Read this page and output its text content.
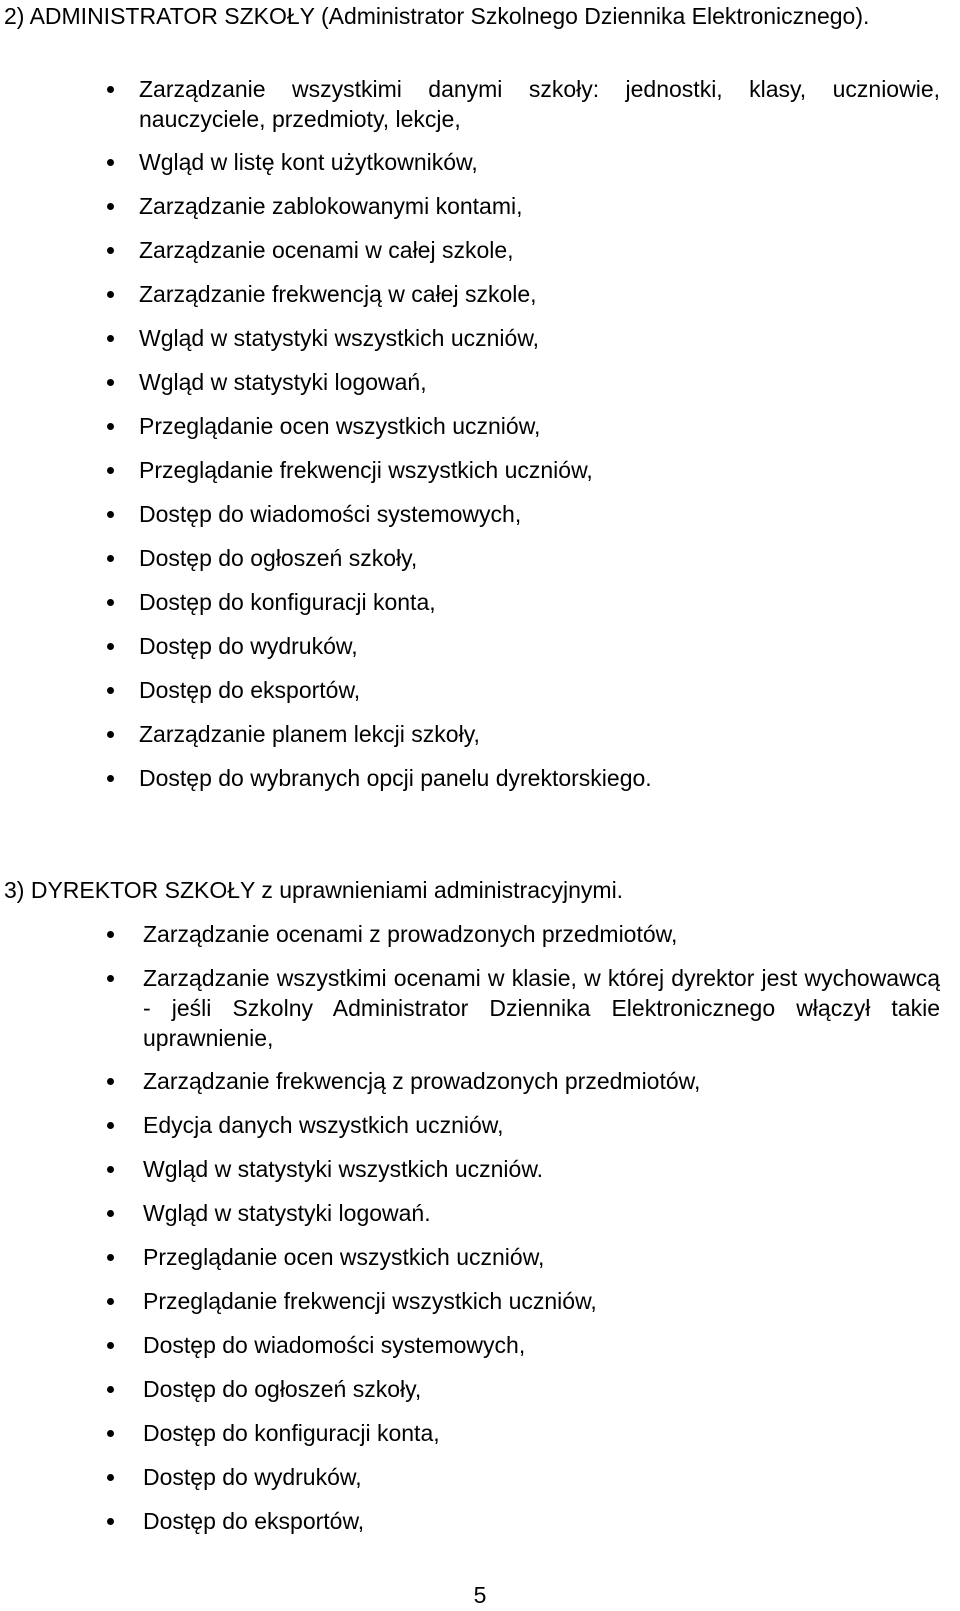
2) ADMINISTRATOR SZKOŁY (Administrator Szkolnego Dziennika Elektronicznego).
Zarządzanie wszystkimi danymi szkoły: jednostki, klasy, uczniowie, nauczyciele, przedmioty, lekcje,
Wgląd w listę kont użytkowników,
Zarządzanie zablokowanymi kontami,
Zarządzanie ocenami w całej szkole,
Zarządzanie frekwencją w całej szkole,
Wgląd w statystyki wszystkich uczniów,
Wgląd w statystyki logowań,
Przeglądanie ocen wszystkich uczniów,
Przeglądanie frekwencji wszystkich uczniów,
Dostęp do wiadomości systemowych,
Dostęp do ogłoszeń szkoły,
Dostęp do konfiguracji konta,
Dostęp do wydruków,
Dostęp do eksportów,
Zarządzanie planem lekcji szkoły,
Dostęp do wybranych opcji panelu dyrektorskiego.
3) DYREKTOR SZKOŁY z uprawnieniami administracyjnymi.
Zarządzanie ocenami z prowadzonych przedmiotów,
Zarządzanie wszystkimi ocenami w klasie, w której dyrektor jest wychowawcą - jeśli Szkolny Administrator Dziennika Elektronicznego włączył takie uprawnienie,
Zarządzanie frekwencją z prowadzonych przedmiotów,
Edycja danych wszystkich uczniów,
Wgląd w statystyki wszystkich uczniów.
Wgląd w statystyki logowań.
Przeglądanie ocen wszystkich uczniów,
Przeglądanie frekwencji wszystkich uczniów,
Dostęp do wiadomości systemowych,
Dostęp do ogłoszeń szkoły,
Dostęp do konfiguracji konta,
Dostęp do wydruków,
Dostęp do eksportów,
5
